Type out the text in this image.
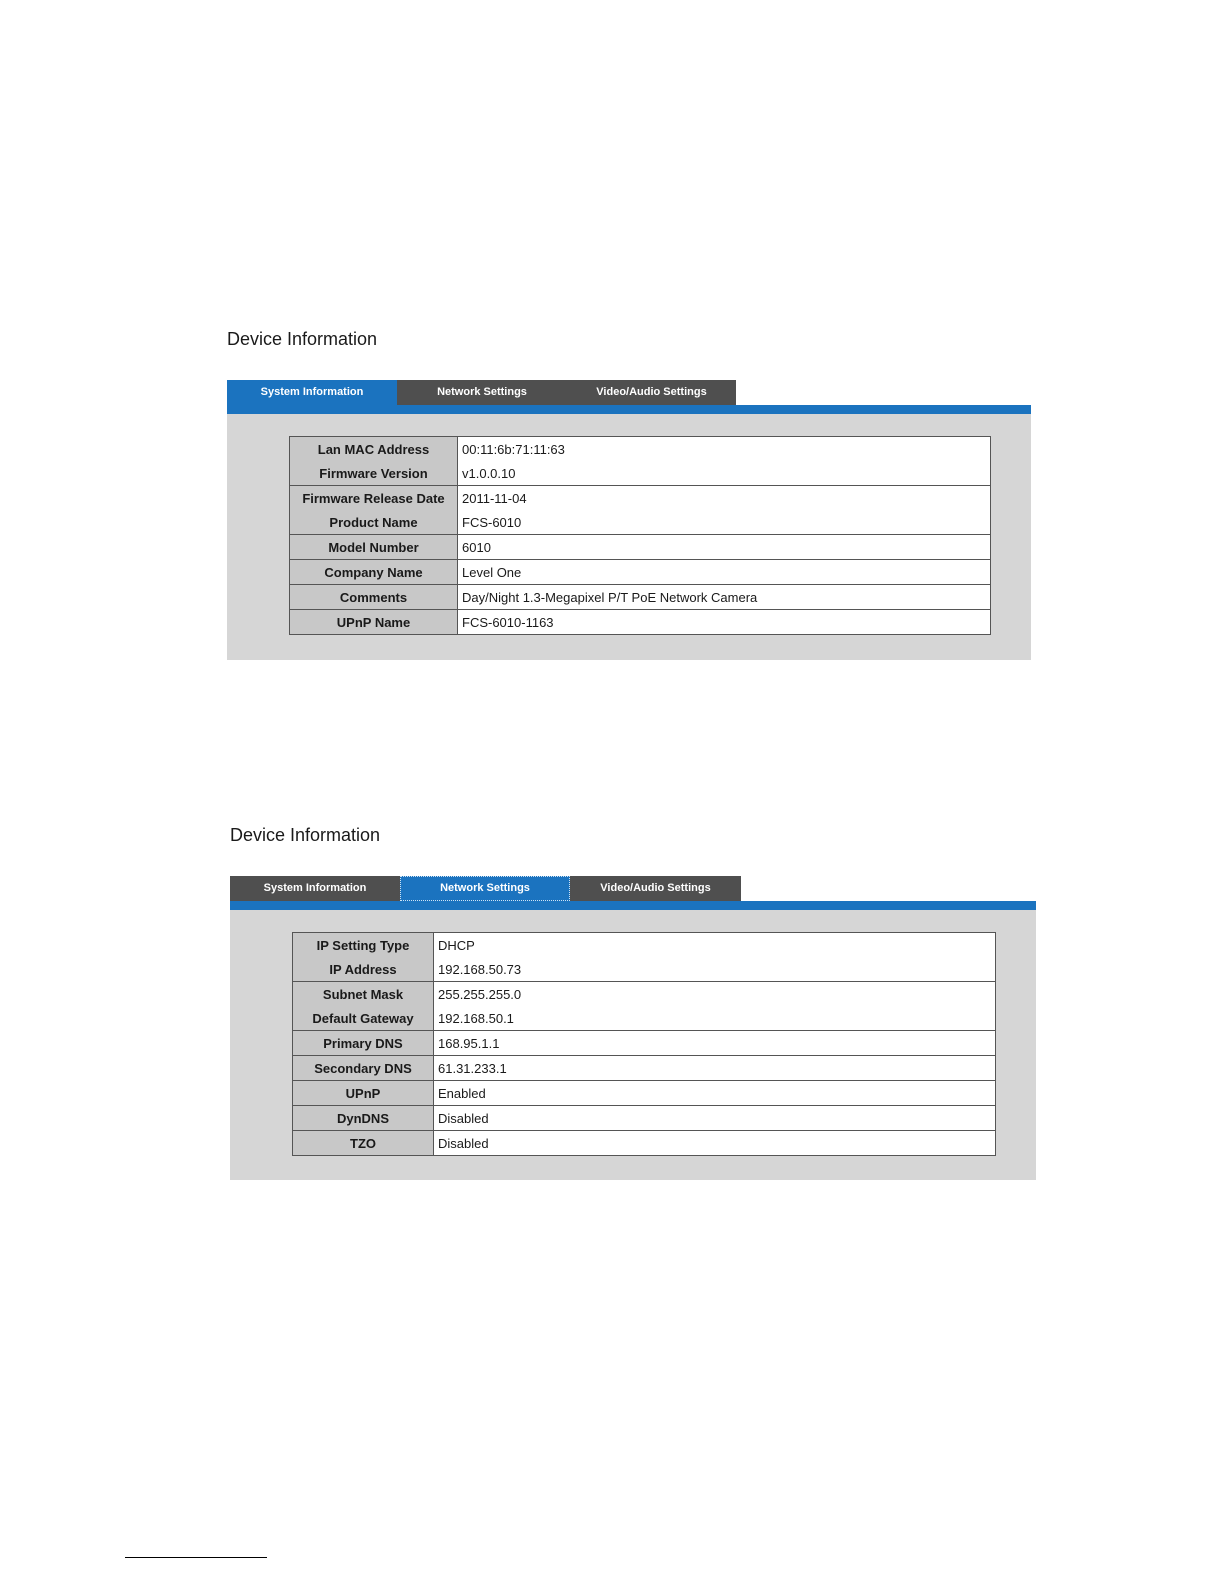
Device Information
System Information	Network Settings	Video/Audio Settings
Lan MAC Address	00:11:6b:71:11:63
Firmware Version	v1.0.0.10
Firmware Release Date	2011-11-04
Product Name	FCS-6010
Model Number	6010
Company Name	Level One
Comments	Day/Night 1.3-Megapixel P/T PoE Network Camera
UPnP Name	FCS-6010-1163
Device Information
System Information	Network Settings	Video/Audio Settings
IP Setting Type	DHCP
IP Address	192.168.50.73
Subnet Mask	255.255.255.0
Default Gateway	192.168.50.1
Primary DNS	168.95.1.1
Secondary DNS	61.31.233.1
UPnP	Enabled
DynDNS	Disabled
TZO	Disabled
